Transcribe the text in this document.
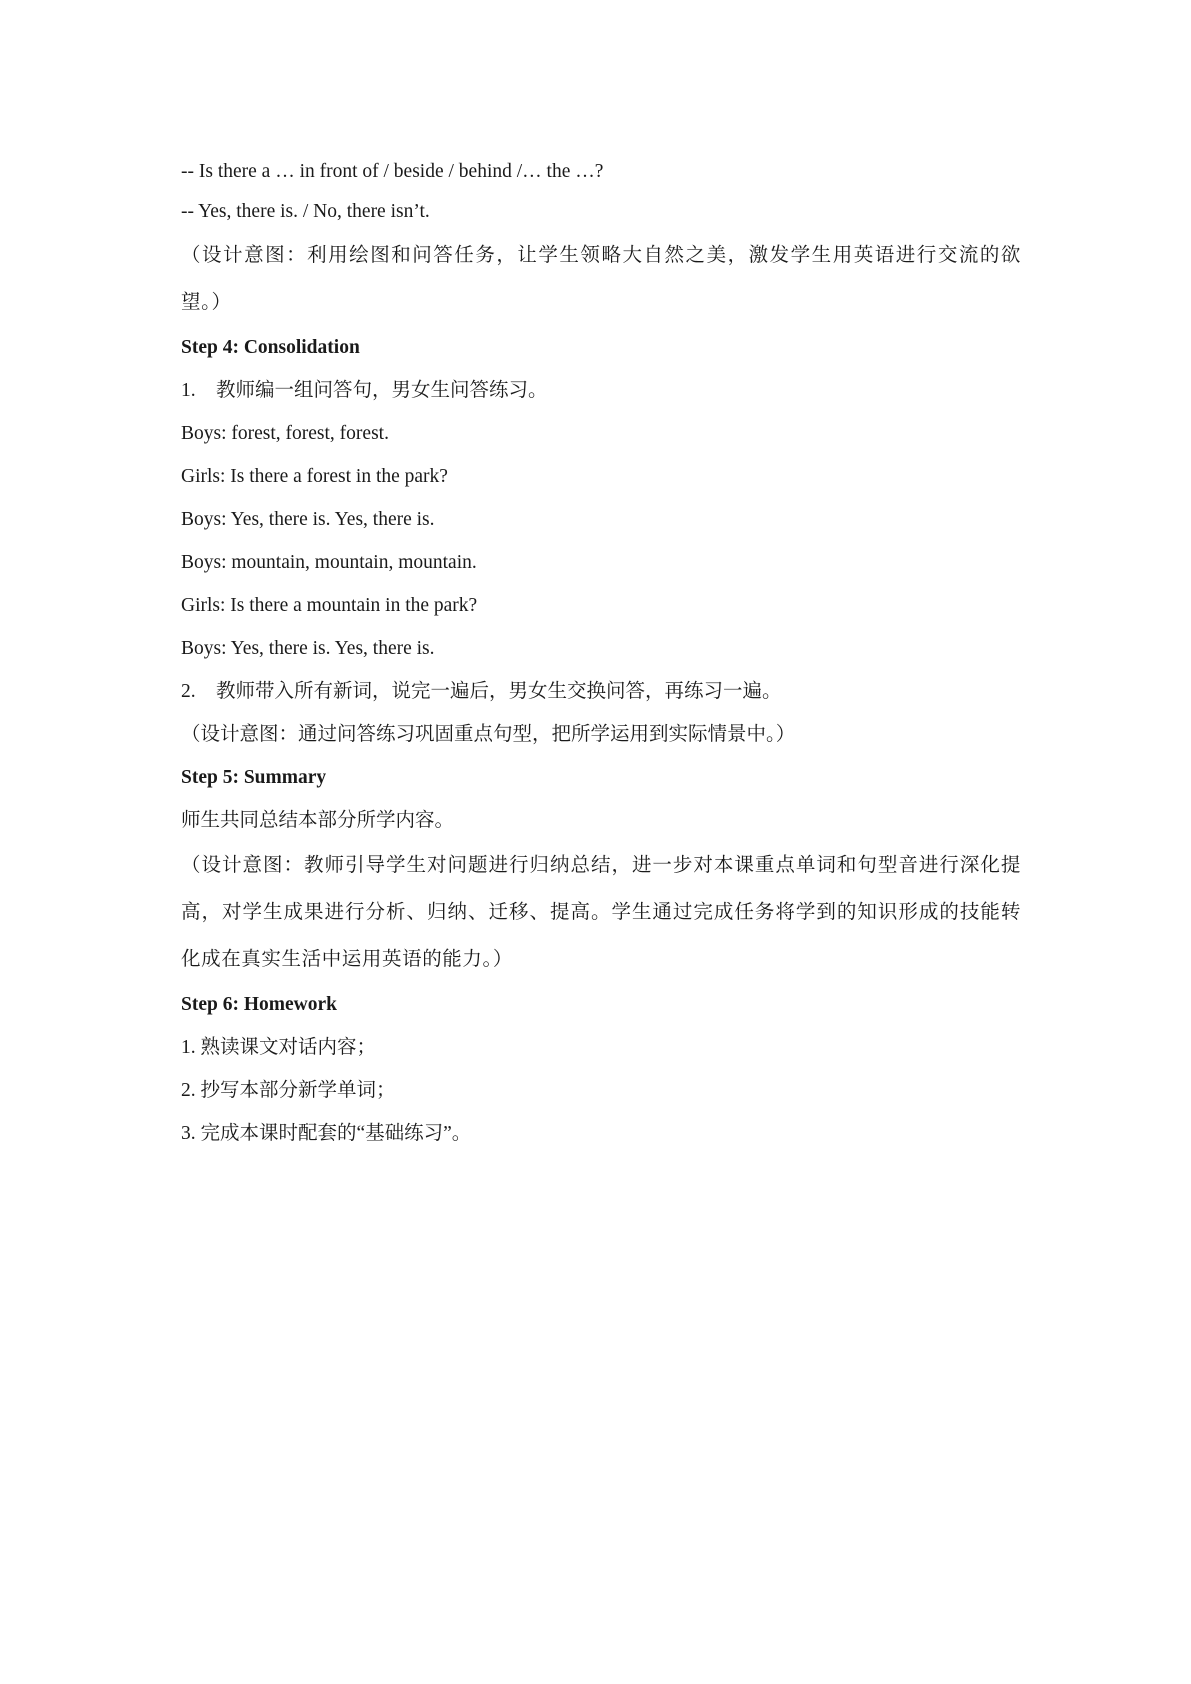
-- Is there a … in front of / beside / behind /… the …?
-- Yes, there is. / No, there isn’t.
（设计意图：利用绘图和问答任务，让学生领略大自然之美，激发学生用英语进行交流的欲望。）
Step 4: Consolidation
1. 教师编一组问答句，男女生问答练习。
Boys: forest, forest, forest.
Girls: Is there a forest in the park?
Boys: Yes, there is. Yes, there is.
Boys: mountain, mountain, mountain.
Girls: Is there a mountain in the park?
Boys: Yes, there is. Yes, there is.
2. 教师带入所有新词，说完一遍后，男女生交换问答，再练习一遍。
（设计意图：通过问答练习巩固重点句型，把所学运用到实际情景中。）
Step 5: Summary
师生共同总结本部分所学内容。
（设计意图：教师引导学生对问题进行归纳总结，进一步对本课重点单词和句型音进行深化提高，对学生成果进行分析、归纳、迁移、提高。学生通过完成任务将学到的知识形成的技能转化成在真实生活中运用英语的能力。）
Step 6: Homework
1. 熟读课文对话内容；
2. 抄写本部分新学单词；
3. 完成本课时配套的“基础练习”。
